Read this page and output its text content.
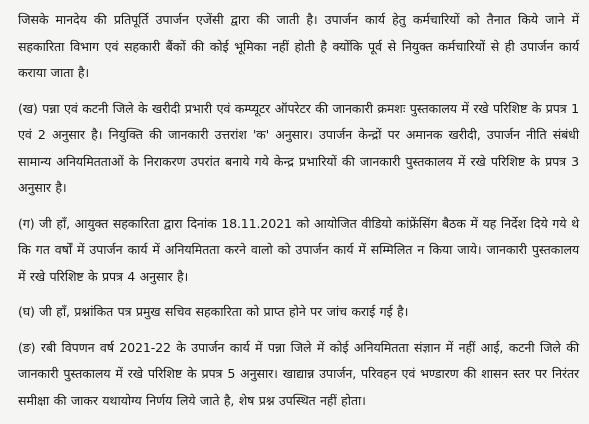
जिसके मानदेय की प्रतिपूर्ति उपार्जन एजेंसी द्वारा की जाती है। उपार्जन कार्य हेतु कर्मचारियों को तैनात किये जाने में सहकारिता विभाग एवं सहकारी बैंकों की कोई भूमिका नहीं होती है क्योंकि पूर्व से नियुक्त कर्मचारियों से ही उपार्जन कार्य कराया जाता है।

(ख) पन्ना एवं कटनी जिले के खरीदी प्रभारी एवं कम्प्यूटर ऑपरेटर की जानकारी क्रमशः पुस्तकालय में रखे परिशिष्ट के प्रपत्र 1 एवं 2 अनुसार है। नियुक्ति की जानकारी उत्तरांश 'क' अनुसार। उपार्जन केन्द्रों पर अमानक खरीदी, उपार्जन नीति संबंधी सामान्य अनियमितताओं के निराकरण उपरांत बनाये गये केन्द्र प्रभारियों की जानकारी पुस्तकालय में रखे परिशिष्ट के प्रपत्र 3 अनुसार है।

(ग) जी हाँ, आयुक्त सहकारिता द्वारा दिनांक 18.11.2021 को आयोजित वीडियो कांफ्रेंसिंग बैठक में यह निर्देश दिये गये थे कि गत वर्षों में उपार्जन कार्य में अनियमितता करने वालो को उपार्जन कार्य में सम्मिलित न किया जाये। जानकारी पुस्तकालय में रखे परिशिष्ट के प्रपत्र 4 अनुसार है।

(घ) जी हाँ, प्रश्नांकित पत्र प्रमुख सचिव सहकारिता को प्राप्त होने पर जांच कराई गई है।

(ङ) रबी विपणन वर्ष 2021-22 के उपार्जन कार्य में पन्ना जिले में कोई अनियमितता संज्ञान में नहीं आई, कटनी जिले की जानकारी पुस्तकालय में रखे परिशिष्ट के प्रपत्र 5 अनुसार। खाद्यान्न उपार्जन, परिवहन एवं भण्डारण की शासन स्तर पर निरंतर समीक्षा की जाकर यथायोग्य निर्णय लिये जाते है, शेष प्रश्न उपस्थित नहीं होता।
